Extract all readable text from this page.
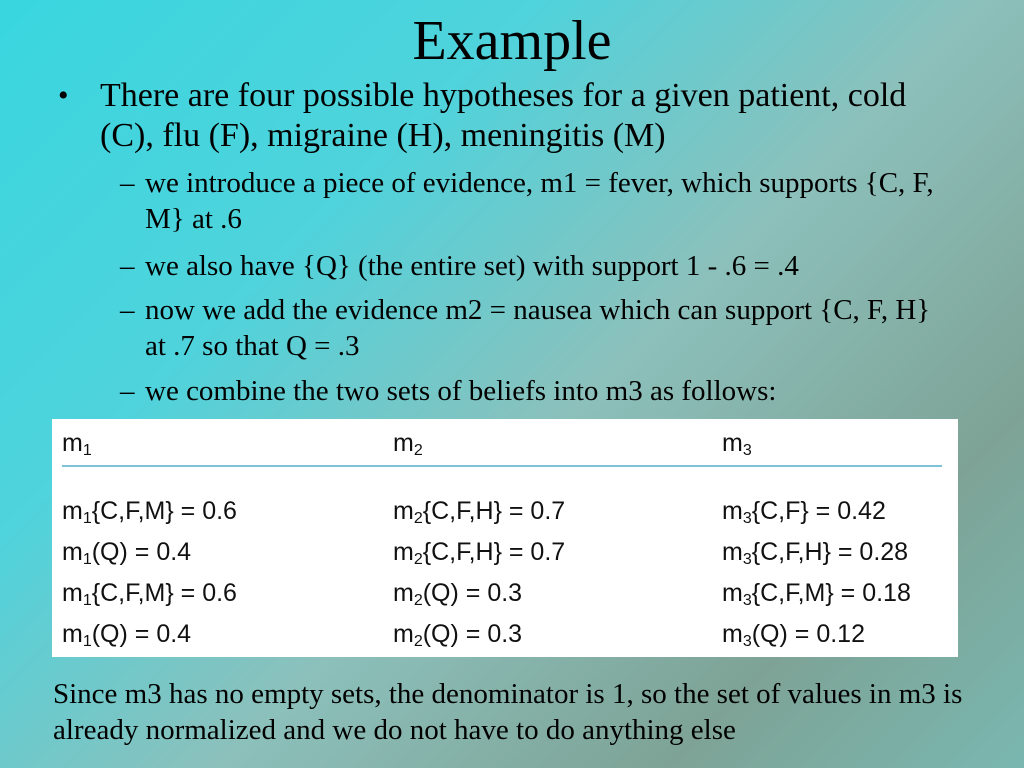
Example
• There are four possible hypotheses for a given patient, cold (C), flu (F), migraine (H), meningitis (M)
– we introduce a piece of evidence, m1 = fever, which supports {C, F, M} at .6
– we also have {Q} (the entire set) with support 1 - .6 = .4
– now we add the evidence m2 = nausea which can support {C, F, H} at .7 so that Q = .3
– we combine the two sets of beliefs into m3 as follows:
$m_1$	$m_2$	$m_3$
$m_1\{C,F,M\} = 0.6$	$m_2\{C,F,H\} = 0.7$	$m_3\{C,F\} = 0.42$
$m_1(Q) = 0.4$	$m_2\{C,F,H\} = 0.7$	$m_3\{C,F,H\} = 0.28$
$m_1\{C,F,M\} = 0.6$	$m_2(Q) = 0.3$	$m_3\{C,F,M\} = 0.18$
$m_1(Q) = 0.4$	$m_2(Q) = 0.3$	$m_3(Q) = 0.12$
Since m3 has no empty sets, the denominator is 1, so the set of values in m3 is already normalized and we do not have to do anything else
